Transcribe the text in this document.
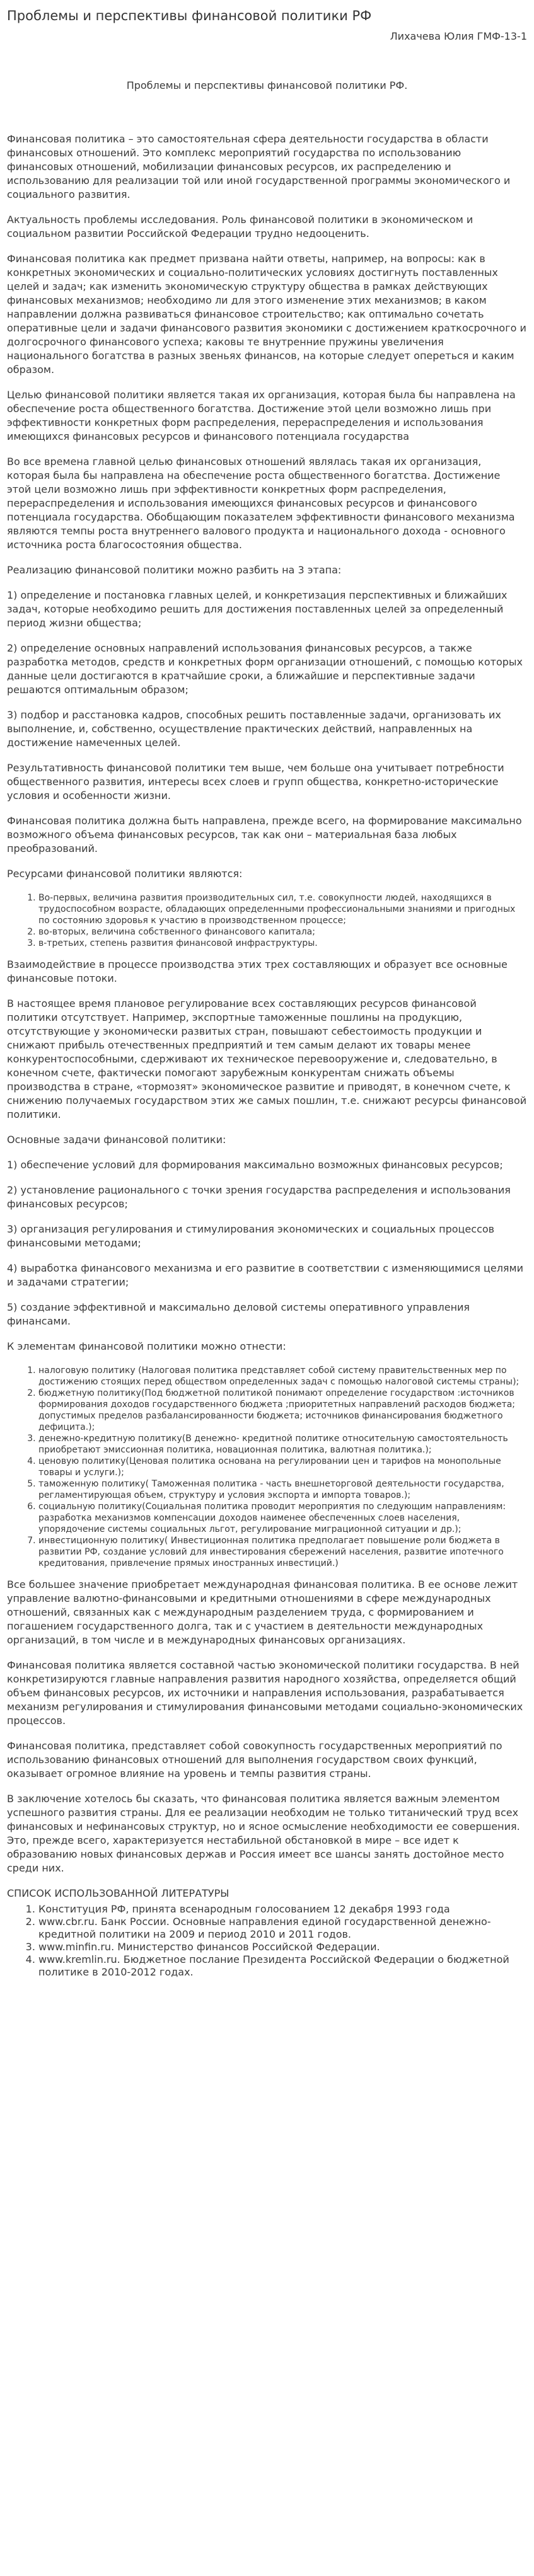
Проблемы и перспективы финансовой политики РФ
Лихачева Юлия ГМФ-13-1
Проблемы и перспективы финансовой политики РФ.

Финансовая политика – это самостоятельная сфера деятельности государства в области финансовых отношений. Это комплекс мероприятий государства по использованию финансовых отношений, мобилизации финансовых ресурсов, их распределению и использованию для реализации той или иной государственной программы экономического и социального развития.

Актуальность проблемы исследования. Роль финансовой политики в экономическом и социальном развитии Российской Федерации трудно недооценить.

Финансовая политика как предмет призвана найти ответы, например, на вопросы: как в конкретных экономических и социально-политических условиях достигнуть поставленных целей и задач; как изменить экономическую структуру общества в рамках действующих финансовых механизмов; необходимо ли для этого изменение этих механизмов; в каком направлении должна развиваться финансовое строительство; как оптимально сочетать оперативные цели и задачи финансового развития экономики с достижением краткосрочного и долгосрочного финансового успеха; каковы те внутренние пружины увеличения национального богатства в разных звеньях финансов, на которые следует опереться и каким образом.

Целью финансовой политики является такая их организация, которая была бы направлена на обеспечение роста общественного богатства. Достижение этой цели возможно лишь при эффективности конкретных форм распределения, перераспределения и использования имеющихся финансовых ресурсов и финансового потенциала государства

Во все времена главной целью финансовых отношений являлась такая их организация, которая была бы направлена на обеспечение роста общественного богатства. Достижение этой цели возможно лишь при эффективности конкретных форм распределения, перераспределения и использования имеющихся финансовых ресурсов и финансового потенциала государства. Обобщающим показателем эффективности финансового механизма являются темпы роста внутреннего валового продукта и национального дохода - основного источника роста благосостояния общества.

Реализацию финансовой политики можно разбить на 3 этапа:

1) определение и постановка главных целей, и конкретизация перспективных и ближайших задач, которые необходимо решить для достижения поставленных целей за определенный период жизни общества;

2) определение основных направлений использования финансовых ресурсов, а также разработка методов, средств и конкретных форм организации отношений, с помощью которых данные цели достигаются в кратчайшие сроки, а ближайшие и перспективные задачи решаются оптимальным образом;

3) подбор и расстановка кадров, способных решить поставленные задачи, организовать их выполнение, и, собственно, осуществление практических действий, направленных на достижение намеченных целей.

Результативность финансовой политики тем выше, чем больше она учитывает потребности общественного развития, интересы всех слоев и групп общества, конкретно-исторические условия и особенности жизни.

Финансовая политика должна быть направлена, прежде всего, на формирование максимально возможного объема финансовых ресурсов, так как они – материальная база любых преобразований.

Ресурсами финансовой политики являются:

1. Во-первых, величина развития производительных сил, т.е. совокупности людей, находящихся в трудоспособном возрасте, обладающих определенными профессиональными знаниями и пригодных по состоянию здоровья к участию в производственном процессе;
2. во-вторых, величина собственного финансового капитала;
3. в-третьих, степень развития финансовой инфраструктуры.

Взаимодействие в процессе производства этих трех составляющих и образует все основные финансовые потоки.

В настоящее время плановое регулирование всех составляющих ресурсов финансовой политики отсутствует. Например, экспортные таможенные пошлины на продукцию, отсутствующие у экономически развитых стран, повышают себестоимость продукции и снижают прибыль отечественных предприятий и тем самым делают их товары менее конкурентоспособными, сдерживают их техническое перевооружение и, следовательно, в конечном счете, фактически помогают зарубежным конкурентам снижать объемы производства в стране, «тормозят» экономическое развитие и приводят, в конечном счете, к снижению получаемых государством этих же самых пошлин, т.е. снижают ресурсы финансовой политики.

Основные задачи финансовой политики:

1) обеспечение условий для формирования максимально возможных финансовых ресурсов;

2) установление рационального с точки зрения государства распределения и использования финансовых ресурсов;

3) организация регулирования и стимулирования экономических и социальных процессов финансовыми методами;

4) выработка финансового механизма и его развитие в соответствии с изменяющимися целями и задачами стратегии;

5) создание эффективной и максимально деловой системы оперативного управления финансами.

К элементам финансовой политики можно отнести:

1. налоговую политику (Налоговая политика представляет собой систему правительственных мер по достижению стоящих перед обществом определенных задач с помощью налоговой системы страны);
2. бюджетную политику(Под бюджетной политикой понимают определение государством :источников формирования доходов государственного бюджета ;приоритетных направлений расходов бюджета; допустимых пределов разбалансированности бюджета; источников финансирования бюджетного дефицита.);
3. денежно-кредитную политику(В денежно- кредитной политике относительную самостоятельность приобретают эмиссионная политика, новационная политика, валютная политика.);
4. ценовую политику(Ценовая политика основана на регулировании цен и тарифов на монопольные товары и услуги.);
5. таможенную политику( Таможенная политика - часть внешнеторговой деятельности государства, регламентирующая объем, структуру и условия экспорта и импорта товаров.);
6. социальную политику(Социальная политика проводит мероприятия по следующим направлениям: разработка механизмов компенсации доходов наименее обеспеченных слоев населения, упорядочение системы социальных льгот, регулирование миграционной ситуации и др.);
7. инвестиционную политику( Инвестиционная политика предполагает повышение роли бюджета в развитии РФ, создание условий для инвестирования сбережений населения, развитие ипотечного кредитования, привлечение прямых иностранных инвестиций.)

Все большее значение приобретает международная финансовая политика. В ее основе лежит управление валютно-финансовыми и кредитными отношениями в сфере международных отношений, связанных как с международным разделением труда, с формированием и погашением государственного долга, так и с участием в деятельности международных организаций, в том числе и в международных финансовых организациях.

Финансовая политика является составной частью экономической политики государства. В ней конкретизируются главные направления развития народного хозяйства, определяется общий объем финансовых ресурсов, их источники и направления использования, разрабатывается механизм регулирования и стимулирования финансовыми методами социально-экономических процессов.

Финансовая политика, представляет собой совокупность государственных мероприятий по использованию финансовых отношений для выполнения государством своих функций, оказывает огромное влияние на уровень и темпы развития страны.

В заключение хотелось бы сказать, что финансовая политика является важным элементом успешного развития страны. Для ее реализации необходим не только титанический труд всех финансовых и нефинансовых структур, но и ясное осмысление необходимости ее совершения. Это, прежде всего, характеризуется нестабильной обстановкой в мире – все идет к образованию новых финансовых держав и Россия имеет все шансы занять достойное место среди них.

СПИСОК ИСПОЛЬЗОВАННОЙ ЛИТЕРАТУРЫ
1. Конституция РФ, принята всенародным голосованием 12 декабря 1993 года
2. www.cbr.ru. Банк России. Основные направления единой государственной денежно-кредитной политики на 2009 и период 2010 и 2011 годов.
3. www.minfin.ru. Министерство финансов Российской Федерации.
4. www.kremlin.ru. Бюджетное послание Президента Российской Федерации о бюджетной политике в 2010-2012 годах.
